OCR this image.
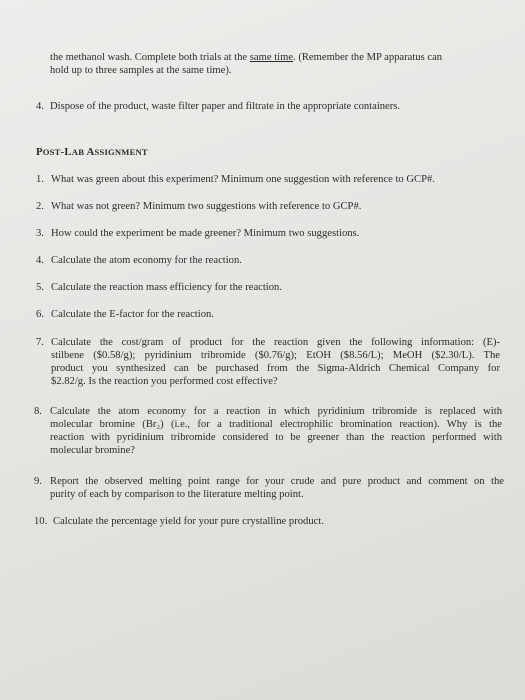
the methanol wash. Complete both trials at the same time. (Remember the MP apparatus can
hold up to three samples at the same time).
4. Dispose of the product, waste filter paper and filtrate in the appropriate containers.
POST-LAB ASSIGNMENT
1. What was green about this experiment? Minimum one suggestion with reference to GCP#.
2. What was not green? Minimum two suggestions with reference to GCP#.
3. How could the experiment be made greener? Minimum two suggestions.
4. Calculate the atom economy for the reaction.
5. Calculate the reaction mass efficiency for the reaction.
6. Calculate the E-factor for the reaction.
7. Calculate the cost/gram of product for the reaction given the following information: (E)-
stilbene ($0.58/g); pyridinium tribromide ($0.76/g); EtOH ($8.56/L); MeOH ($2.30/L). The
product you synthesized can be purchased from the Sigma-Aldrich Chemical Company for
$2.82/g. Is the reaction you performed cost effective?
8. Calculate the atom economy for a reaction in which pyridinium tribromide is replaced with
molecular bromine (Br₂) (i.e., for a traditional electrophilic bromination reaction). Why is the
reaction with pyridinium tribromide considered to be greener than the reaction performed with
molecular bromine?
9. Report the observed melting point range for your crude and pure product and comment on the
purity of each by comparison to the literature melting point.
10. Calculate the percentage yield for your pure crystalline product.
